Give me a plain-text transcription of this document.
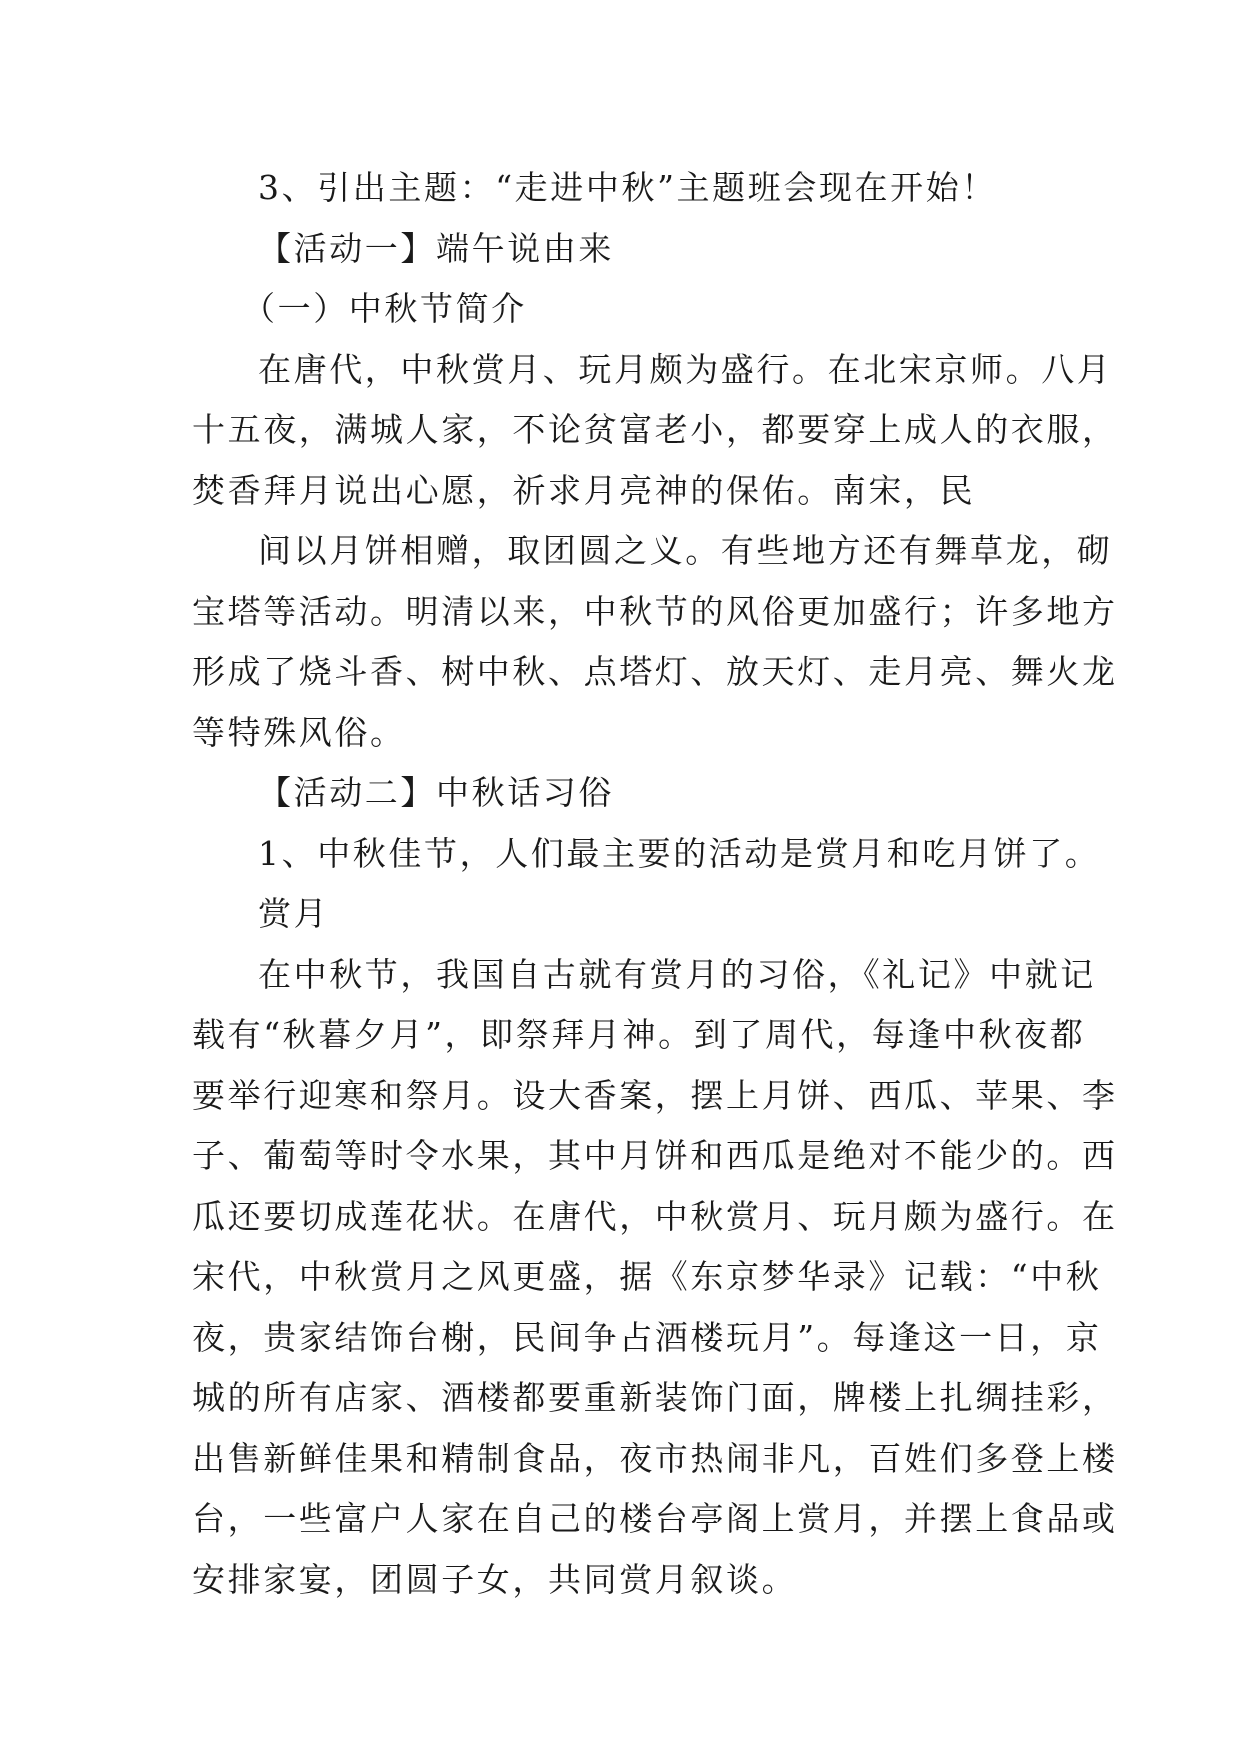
3、引出主题：“走进中秋”主题班会现在开始！
【活动一】端午说由来
（一）中秋节简介
在唐代，中秋赏月、玩月颇为盛行。在北宋京师。八月
十五夜，满城人家，不论贫富老小，都要穿上成人的衣服，
焚香拜月说出心愿，祈求月亮神的保佑。南宋，民
间以月饼相赠，取团圆之义。有些地方还有舞草龙，砌
宝塔等活动。明清以来，中秋节的风俗更加盛行；许多地方
形成了烧斗香、树中秋、点塔灯、放天灯、走月亮、舞火龙
等特殊风俗。
【活动二】中秋话习俗
1、中秋佳节，人们最主要的活动是赏月和吃月饼了。
赏月
在中秋节，我国自古就有赏月的习俗，《礼记》中就记
载有“秋暮夕月”，即祭拜月神。到了周代，每逢中秋夜都
要举行迎寒和祭月。设大香案，摆上月饼、西瓜、苹果、李
子、葡萄等时令水果，其中月饼和西瓜是绝对不能少的。西
瓜还要切成莲花状。在唐代，中秋赏月、玩月颇为盛行。在
宋代，中秋赏月之风更盛，据《东京梦华录》记载：“中秋
夜，贵家结饰台榭，民间争占酒楼玩月”。每逢这一日，京
城的所有店家、酒楼都要重新装饰门面，牌楼上扎绸挂彩，
出售新鲜佳果和精制食品，夜市热闹非凡，百姓们多登上楼
台，一些富户人家在自己的楼台亭阁上赏月，并摆上食品或
安排家宴，团圆子女，共同赏月叙谈。
